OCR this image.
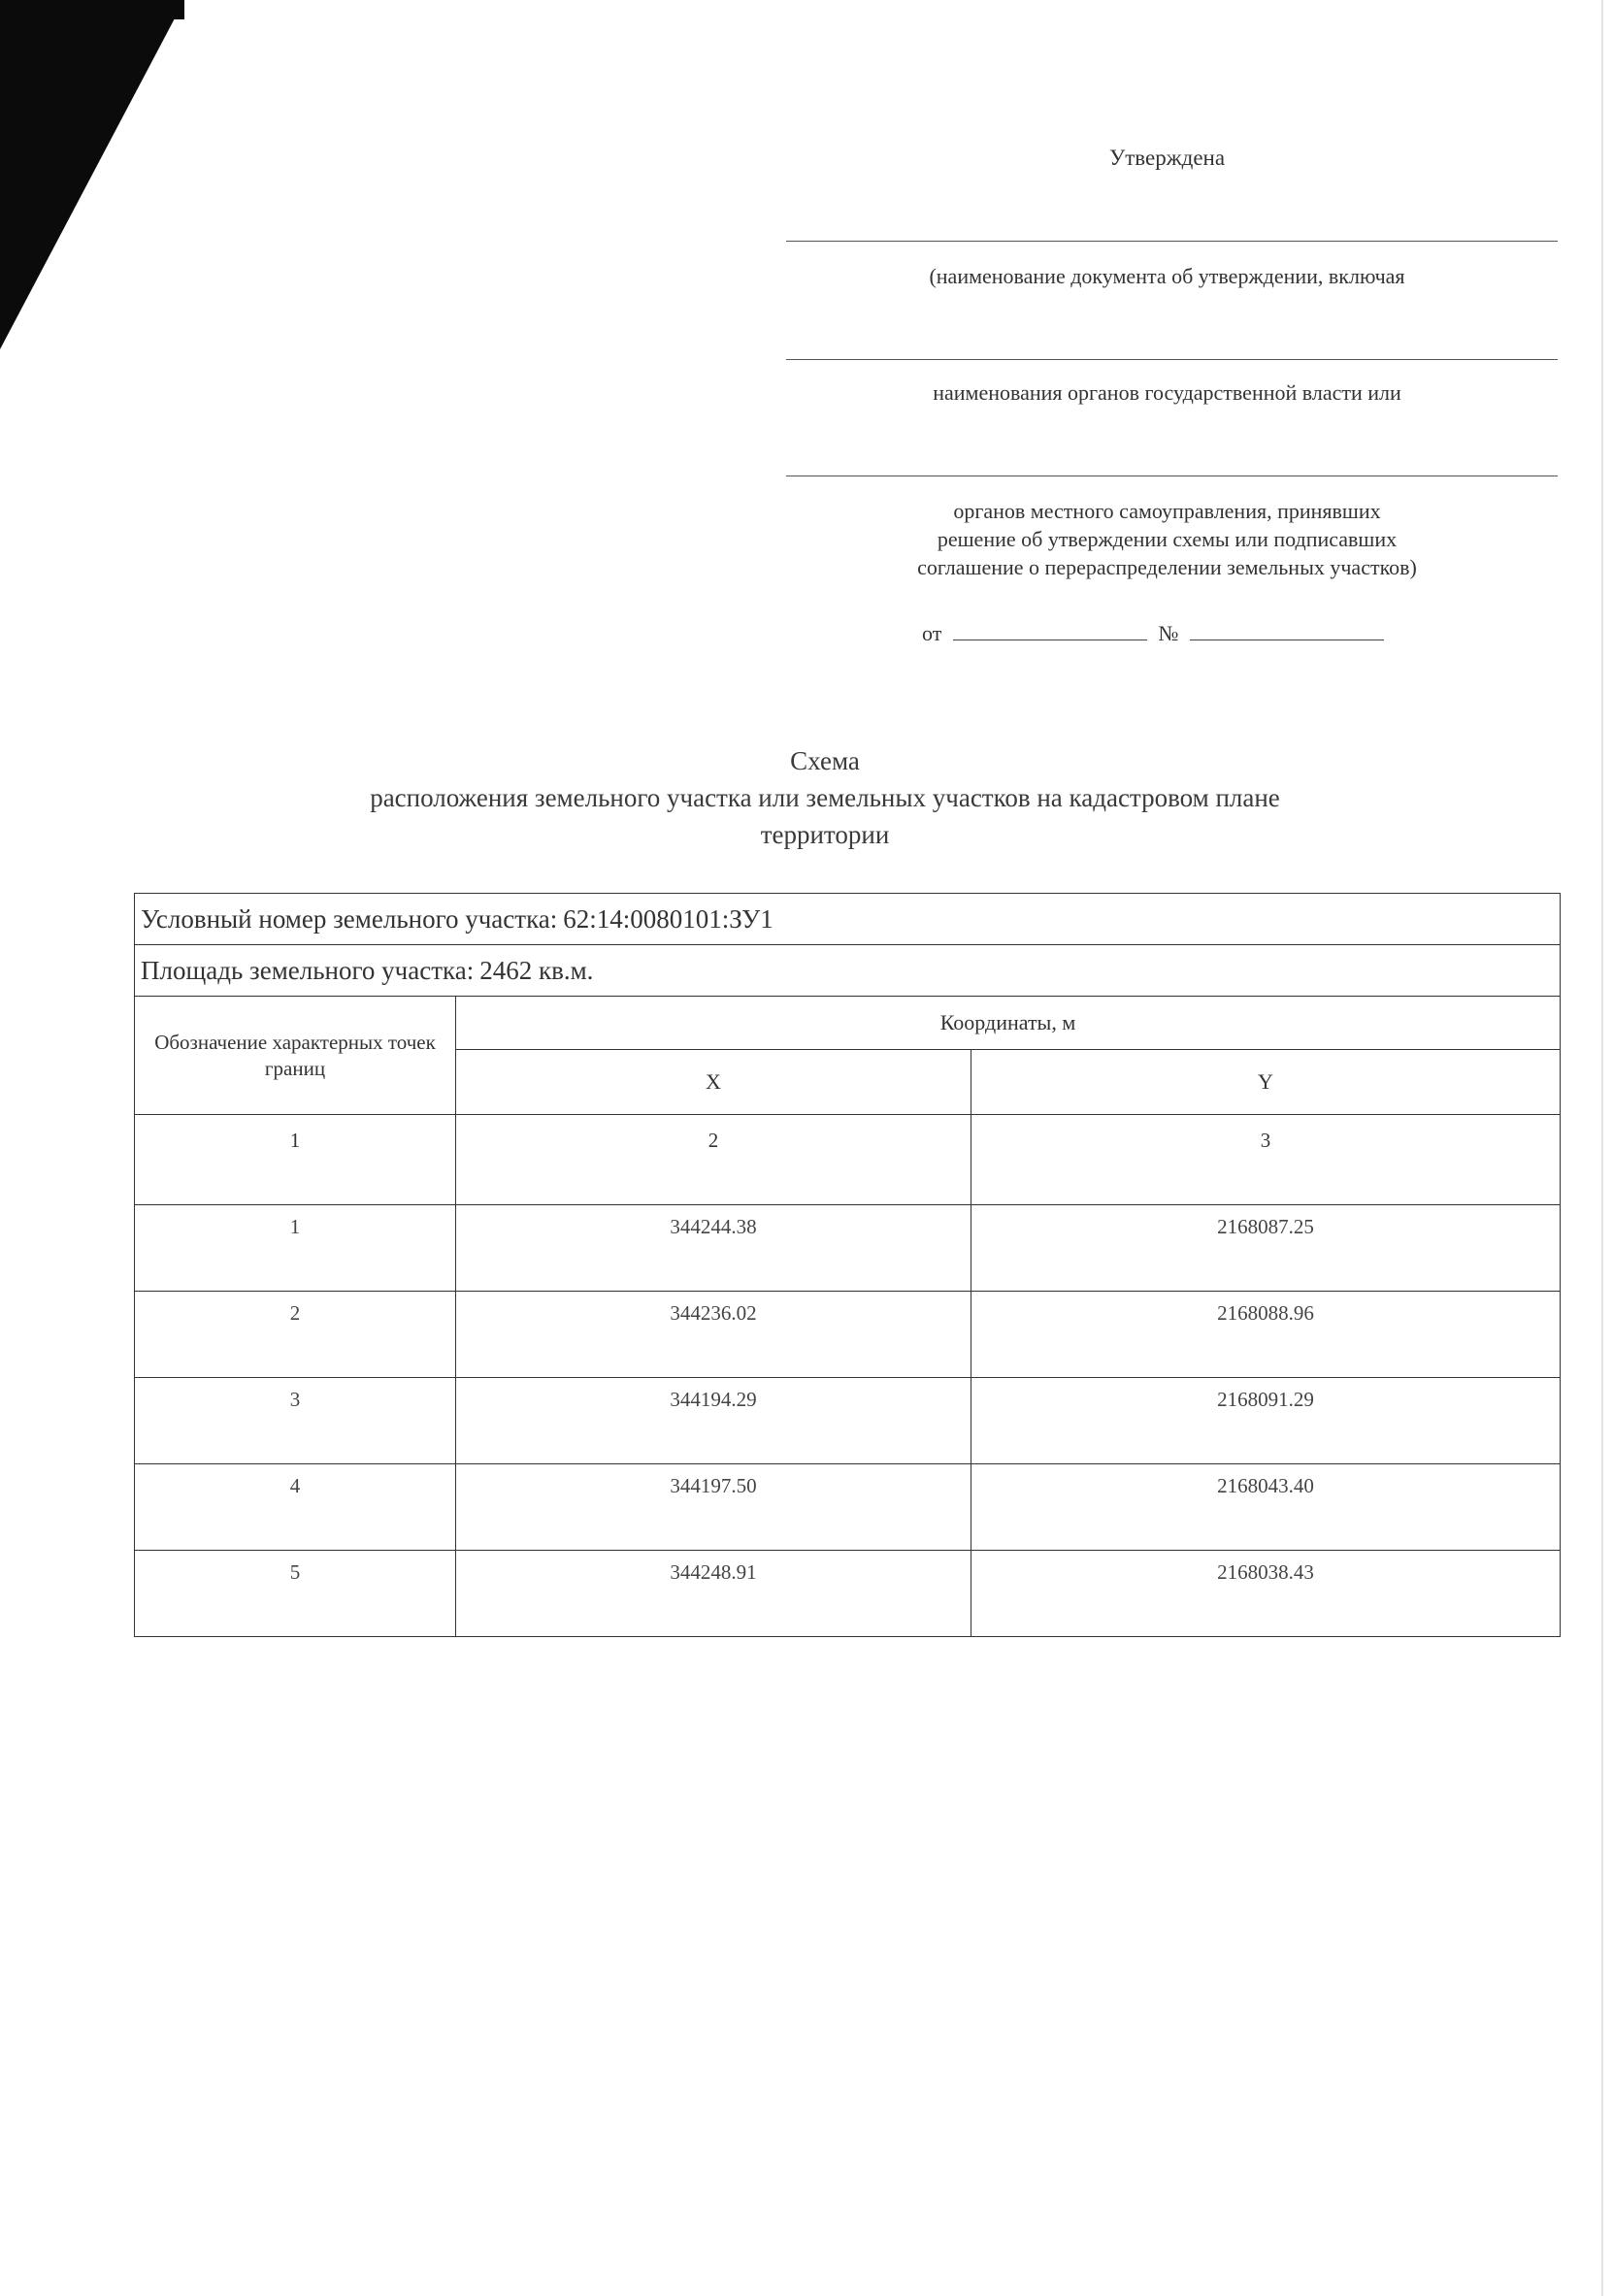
Утверждена
(наименование документа об утверждении, включая
наименования органов государственной власти или
органов местного самоуправления, принявших
решение об утверждении схемы или подписавших
соглашение о перераспределении земельных участков)
от	№
Схема
расположения земельного участка или земельных участков на кадастровом плане
территории
Условный номер земельного участка: 62:14:0080101:ЗУ1		
Площадь земельного участка: 2462 кв.м.		
Обозначение характерных точек границ	Координаты, м	
	X	Y
1	2	3
1	344244.38	2168087.25
2	344236.02	2168088.96
3	344194.29	2168091.29
4	344197.50	2168043.40
5	344248.91	2168038.43
